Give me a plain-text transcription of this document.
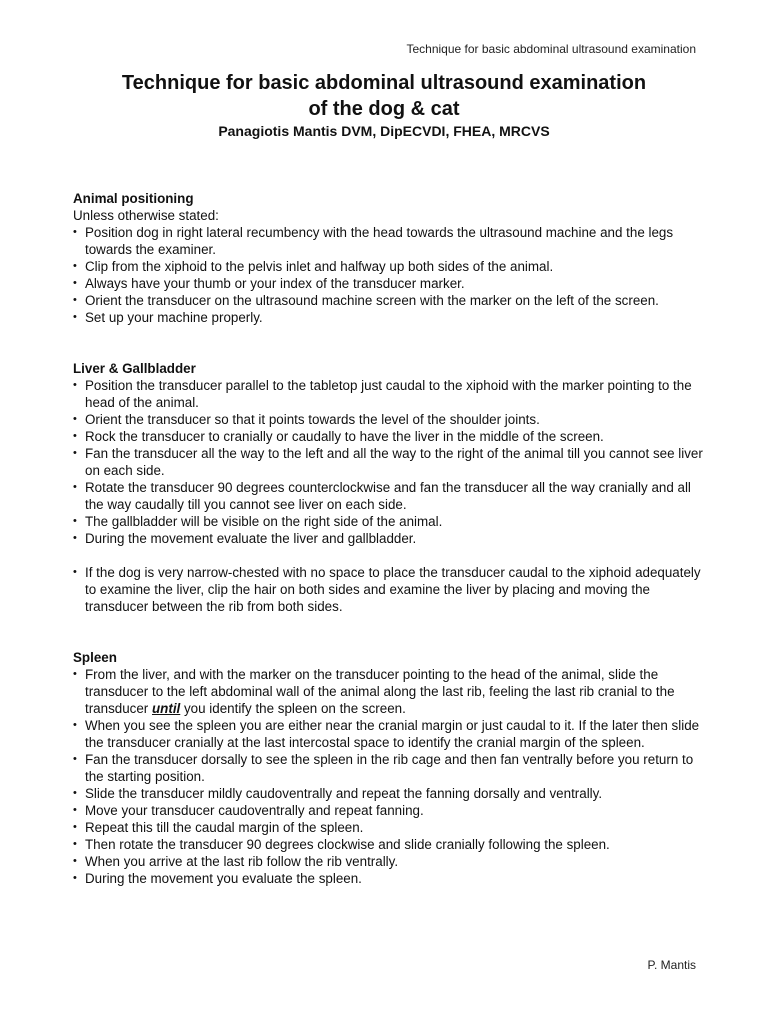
Technique for basic abdominal ultrasound examination
Technique for basic abdominal ultrasound examination
of the dog & cat

Panagiotis Mantis DVM, DipECVDI, FHEA, MRCVS

Animal positioning

Unless otherwise stated:

• Position dog in right lateral recumbency with the head towards the ultrasound machine and the legs towards the examiner.
• Clip from the xiphoid to the pelvis inlet and halfway up both sides of the animal.
• Always have your thumb or your index of the transducer marker.
• Orient the transducer on the ultrasound machine screen with the marker on the left of the screen.
• Set up your machine properly.

Liver & Gallbladder

• Position the transducer parallel to the tabletop just caudal to the xiphoid with the marker pointing to the head of the animal.
• Orient the transducer so that it points towards the level of the shoulder joints.
• Rock the transducer to cranially or caudally to have the liver in the middle of the screen.
• Fan the transducer all the way to the left and all the way to the right of the animal till you cannot see liver on each side.
• Rotate the transducer 90 degrees counterclockwise and fan the transducer all the way cranially and all the way caudally till you cannot see liver on each side.
• The gallbladder will be visible on the right side of the animal.
• During the movement evaluate the liver and gallbladder.
• If the dog is very narrow-chested with no space to place the transducer caudal to the xiphoid adequately to examine the liver, clip the hair on both sides and examine the liver by placing and moving the transducer between the rib from both sides.

Spleen

• From the liver, and with the marker on the transducer pointing to the head of the animal, slide the transducer to the left abdominal wall of the animal along the last rib, feeling the last rib cranial to the transducer until you identify the spleen on the screen.
• When you see the spleen you are either near the cranial margin or just caudal to it. If the later then slide the transducer cranially at the last intercostal space to identify the cranial margin of the spleen.
• Fan the transducer dorsally to see the spleen in the rib cage and then fan ventrally before you return to the starting position.
• Slide the transducer mildly caudoventrally and repeat the fanning dorsally and ventrally.
• Move your transducer caudoventrally and repeat fanning.
• Repeat this till the caudal margin of the spleen.
• Then rotate the transducer 90 degrees clockwise and slide cranially following the spleen.
• When you arrive at the last rib follow the rib ventrally.
• During the movement you evaluate the spleen.
P. Mantis
